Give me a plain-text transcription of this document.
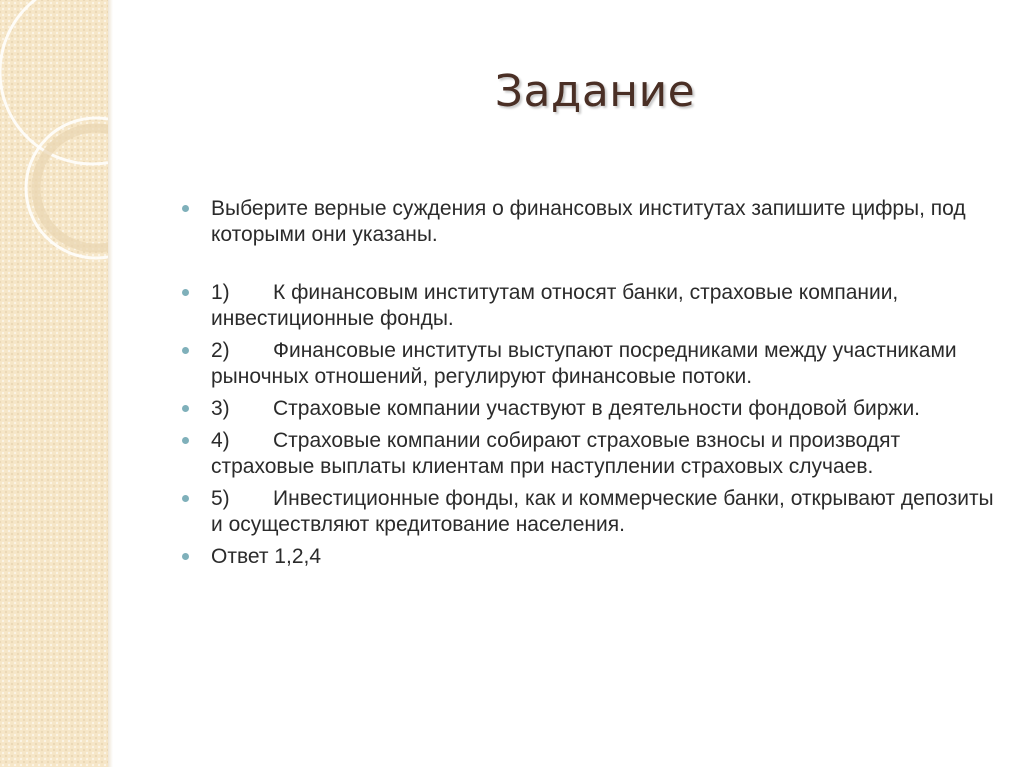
Задание
Выберите верные суждения о финансовых институтах запишите цифры, под которыми они указаны.
1) К финансовым институтам относят банки, страховые компании, инвестиционные фонды.
2) Финансовые институты выступают посредниками между участниками рыночных отношений, регулируют финансовые потоки.
3) Страховые компании участвуют в деятельности фондовой биржи.
4) Страховые компании собирают страховые взносы и производят страховые выплаты клиентам при наступлении страховых случаев.
5) Инвестиционные фонды, как и коммерческие банки, открывают депозиты и осуществляют кредитование населения.
Ответ 1,2,4
